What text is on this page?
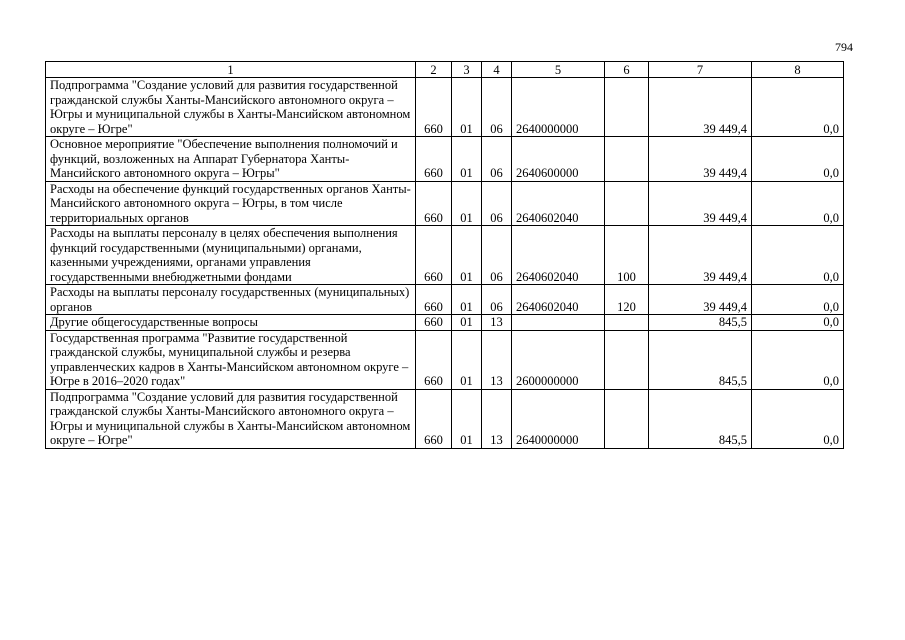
794
1	2	3	4	5	6	7	8
Подпрограмма "Создание условий для развития государственной гражданской службы Ханты-Мансийского автономного округа – Югры и муниципальной службы в Ханты-Мансийском автономном округе – Югре"	660	01	06	2640000000		39 449,4	0,0
Основное мероприятие "Обеспечение выполнения полномочий и функций, возложенных на Аппарат Губернатора Ханты-Мансийского автономного округа – Югры"	660	01	06	2640600000		39 449,4	0,0
Расходы на обеспечение функций государственных органов Ханты-Мансийского автономного округа – Югры, в том числе территориальных органов	660	01	06	2640602040		39 449,4	0,0
Расходы на выплаты персоналу в целях обеспечения выполнения функций государственными (муниципальными) органами, казенными учреждениями, органами управления государственными внебюджетными фондами	660	01	06	2640602040	100	39 449,4	0,0
Расходы на выплаты персоналу государственных (муниципальных) органов	660	01	06	2640602040	120	39 449,4	0,0
Другие общегосударственные вопросы	660	01	13			845,5	0,0
Государственная программа "Развитие государственной гражданской службы, муниципальной службы и резерва управленческих кадров в Ханты-Мансийском автономном округе – Югре в 2016–2020 годах"	660	01	13	2600000000		845,5	0,0
Подпрограмма "Создание условий для развития государственной гражданской службы Ханты-Мансийского автономного округа – Югры и муниципальной службы в Ханты-Мансийском автономном округе – Югре"	660	01	13	2640000000		845,5	0,0
